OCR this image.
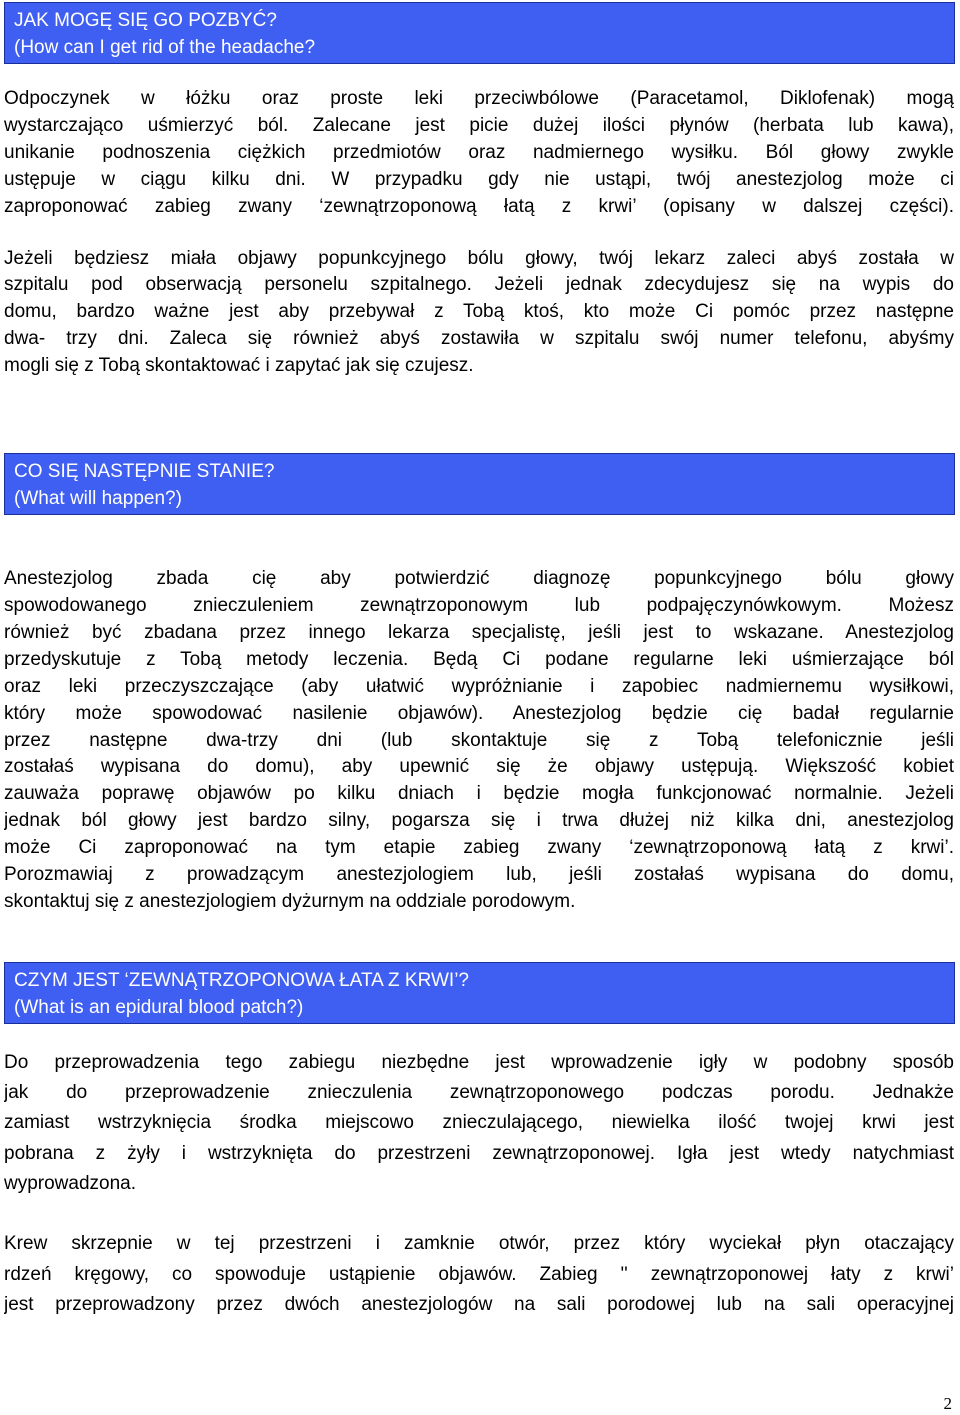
JAK MOGĘ SIĘ GO POZBYĆ?
(How can I get rid of the headache?
Odpoczynek w łóżku oraz proste leki przeciwbólowe (Paracetamol, Diklofenak) mogą
wystarczająco uśmierzyć ból. Zalecane jest picie dużej ilości płynów (herbata lub kawa),
unikanie podnoszenia ciężkich przedmiotów oraz nadmiernego wysiłku. Ból głowy zwykle
ustępuje w ciągu kilku dni. W przypadku gdy nie ustąpi, twój anestezjolog może ci
zaproponować zabieg zwany ‘zewnątrzoponową łatą z krwi’ (opisany w dalszej części).
Jeżeli będziesz miała objawy popunkcyjnego bólu głowy, twój lekarz zaleci abyś została w
szpitalu pod obserwacją personelu szpitalnego. Jeżeli jednak zdecydujesz się na wypis do
domu, bardzo ważne jest aby przebywał z Tobą ktoś, kto może Ci pomóc przez następne
dwa- trzy dni. Zaleca się również abyś zostawiła w szpitalu swój numer telefonu, abyśmy
mogli się z Tobą skontaktować i zapytać jak się czujesz.
CO SIĘ NASTĘPNIE STANIE?
(What will happen?)
Anestezjolog zbada cię aby potwierdzić diagnozę popunkcyjnego bólu głowy
spowodowanego znieczuleniem zewnątrzoponowym lub podpajęczynówkowym. Możesz
również być zbadana przez innego lekarza specjalistę, jeśli jest to wskazane. Anestezjolog
przedyskutuje z Tobą metody leczenia. Będą Ci podane regularne leki uśmierzające ból
oraz leki przeczyszczające (aby ułatwić wypróżnianie i zapobiec nadmiernemu wysiłkowi,
który może spowodować nasilenie objawów). Anestezjolog będzie cię badał regularnie
przez następne dwa-trzy dni (lub skontaktuje się z Tobą telefonicznie jeśli
zostałaś wypisana do domu), aby upewnić się że objawy ustępują. Większość kobiet
zauważa poprawę objawów po kilku dniach i będzie mogła funkcjonować normalnie. Jeżeli
jednak ból głowy jest bardzo silny, pogarsza się i trwa dłużej niż kilka dni, anestezjolog
może Ci zaproponować na tym etapie zabieg zwany ‘zewnątrzoponową łatą z krwi’.
Porozmawiaj z prowadzącym anestezjologiem lub, jeśli zostałaś wypisana do domu,
skontaktuj się z anestezjologiem dyżurnym na oddziale porodowym.
CZYM JEST ‘ZEWNĄTRZOPONOWA ŁATA Z KRWI’?
(What is an epidural blood patch?)
Do przeprowadzenia tego zabiegu niezbędne jest wprowadzenie igły w podobny sposób
jak do przeprowadzenie znieczulenia zewnątrzoponowego podczas porodu. Jednakże
zamiast wstrzyknięcia środka miejscowo znieczulającego, niewielka ilość twojej krwi jest
pobrana z żyły i wstrzyknięta do przestrzeni zewnątrzoponowej. Igła jest wtedy natychmiast
wyprowadzona.
Krew skrzepnie w tej przestrzeni i zamknie otwór, przez który wyciekał płyn otaczający
rdzeń kręgowy, co spowoduje ustąpienie objawów. Zabieg '' zewnątrzoponowej łaty z krwi’
jest przeprowadzony przez dwóch anestezjologów na sali porodowej lub na sali operacyjnej
2
